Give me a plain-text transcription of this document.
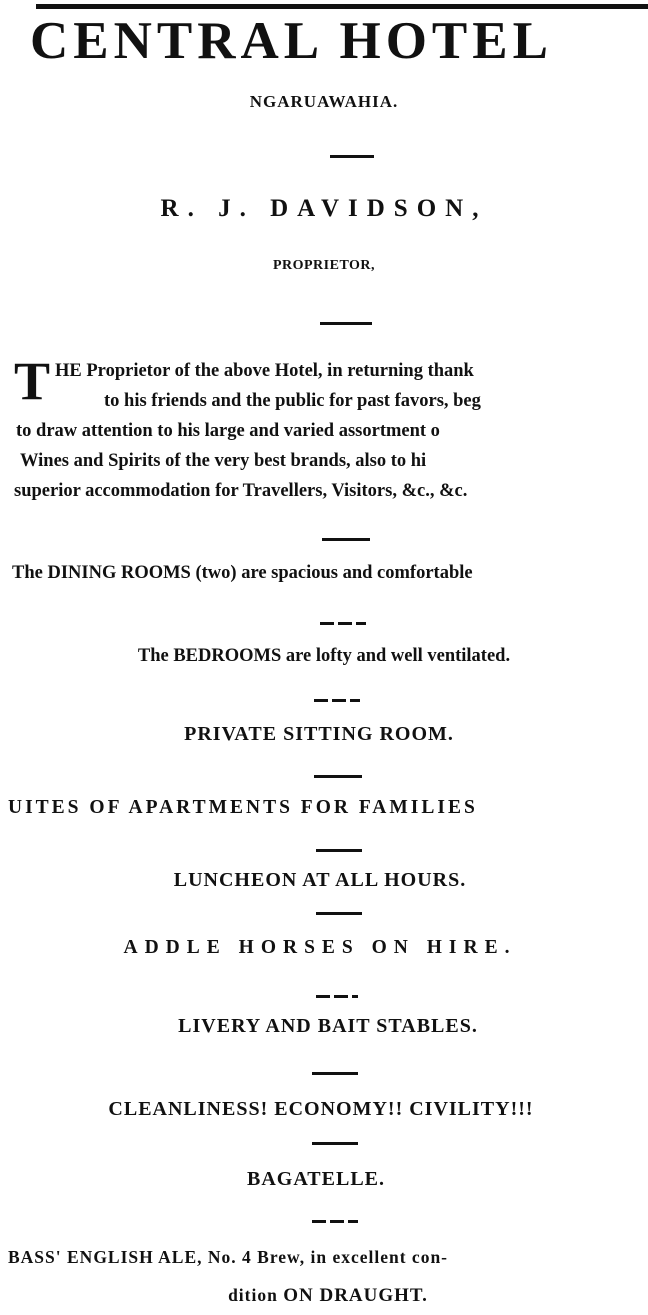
CENTRAL HOTEL
NGARUAWAHIA.
R. J. DAVIDSON,
PROPRIETOR,
T HE Proprietor of the above Hotel, in returning thank
to his friends and the public for past favors, beg
to draw attention to his large and varied assortment o
Wines and Spirits of the very best brands, also to hi
superior accommodation for Travellers, Visitors, &c., &c.
The DINING ROOMS (two) are spacious and comfortable
The BEDROOMS are lofty and well ventilated.
PRIVATE SITTING ROOM.
UITES OF APARTMENTS FOR FAMILIES
LUNCHEON AT ALL HOURS.
ADDLE HORSES ON HIRE.
LIVERY AND BAIT STABLES.
CLEANLINESS! ECONOMY!! CIVILITY!!!
BAGATELLE.
BASS' ENGLISH ALE, No. 4 Brew, in excellent con-
dition ON DRAUGHT.
